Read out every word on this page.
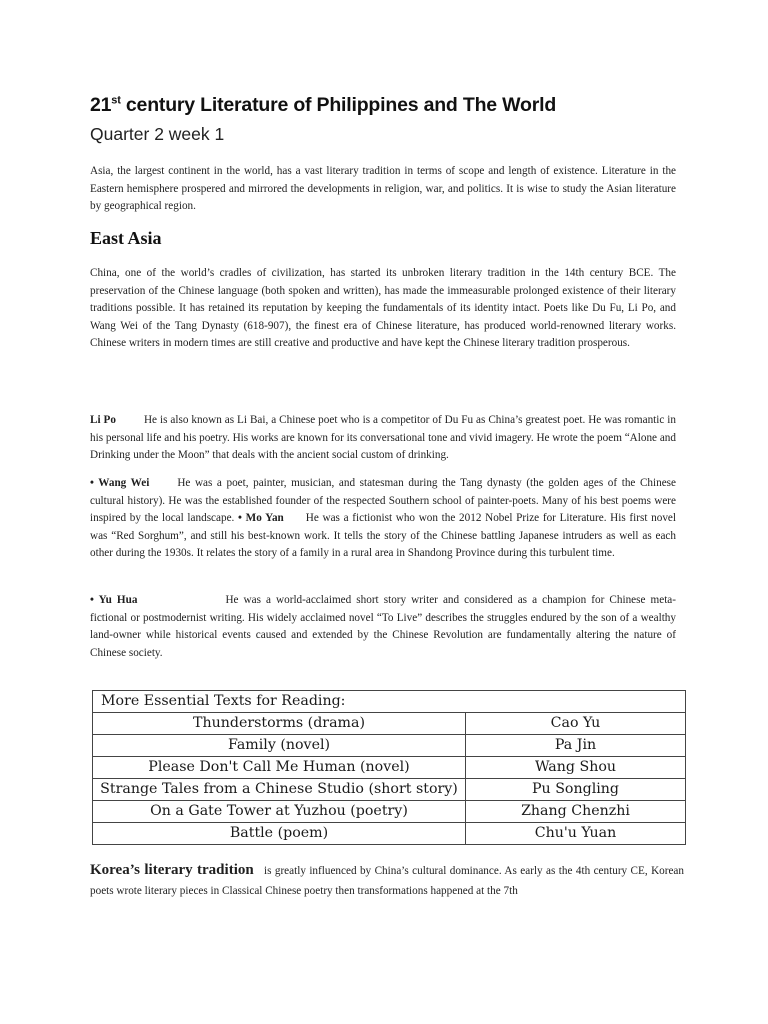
21st century Literature of Philippines and The World
Quarter 2 week 1

Asia, the largest continent in the world, has a vast literary tradition in terms of scope and length of existence. Literature in the Eastern hemisphere prospered and mirrored the developments in religion, war, and politics. It is wise to study the Asian literature by geographical region.

East Asia

China, one of the world’s cradles of civilization, has started its unbroken literary tradition in the 14th century BCE. The preservation of the Chinese language (both spoken and written), has made the immeasurable prolonged existence of their literary traditions possible. It has retained its reputation by keeping the fundamentals of its identity intact. Poets like Du Fu, Li Po, and Wang Wei of the Tang Dynasty (618-907), the finest era of Chinese literature, has produced world-renowned literary works. Chinese writers in modern times are still creative and productive and have kept the Chinese literary tradition prosperous.

Li Po	He is also known as Li Bai, a Chinese poet who is a competitor of Du Fu as China’s greatest poet. He was romantic in his personal life and his poetry. His works are known for its conversational tone and vivid imagery. He wrote the poem “Alone and Drinking under the Moon” that deals with the ancient social custom of drinking.

• Wang Wei	He was a poet, painter, musician, and statesman during the Tang dynasty (the golden ages of the Chinese cultural history). He was the established founder of the respected Southern school of painter-poets. Many of his best poems were inspired by the local landscape. • Mo Yan He was a fictionist who won the 2012 Nobel Prize for Literature. His first novel was “Red Sorghum”, and still his best-known work. It tells the story of the Chinese battling Japanese intruders as well as each other during the 1930s. It relates the story of a family in a rural area in Shandong Province during this turbulent time.

• Yu Hua	He was a world-acclaimed short story writer and considered as a champion for Chinese meta-fictional or postmodernist writing. His widely acclaimed novel “To Live” describes the struggles endured by the son of a wealthy land-owner while historical events caused and extended by the Chinese Revolution are fundamentally altering the nature of Chinese society.

More Essential Texts for Reading:	
Thunderstorms (drama)	Cao Yu
Family (novel)	Pa Jin
Please Don't Call Me Human (novel)	Wang Shou
Strange Tales from a Chinese Studio (short story)	Pu Songling
On a Gate Tower at Yuzhou (poetry)	Zhang Chenzhi
Battle (poem)	Chu'u Yuan

Korea’s literary tradition is greatly influenced by China’s cultural dominance. As early as the 4th century CE, Korean poets wrote literary pieces in Classical Chinese poetry then transformations happened at the 7th
